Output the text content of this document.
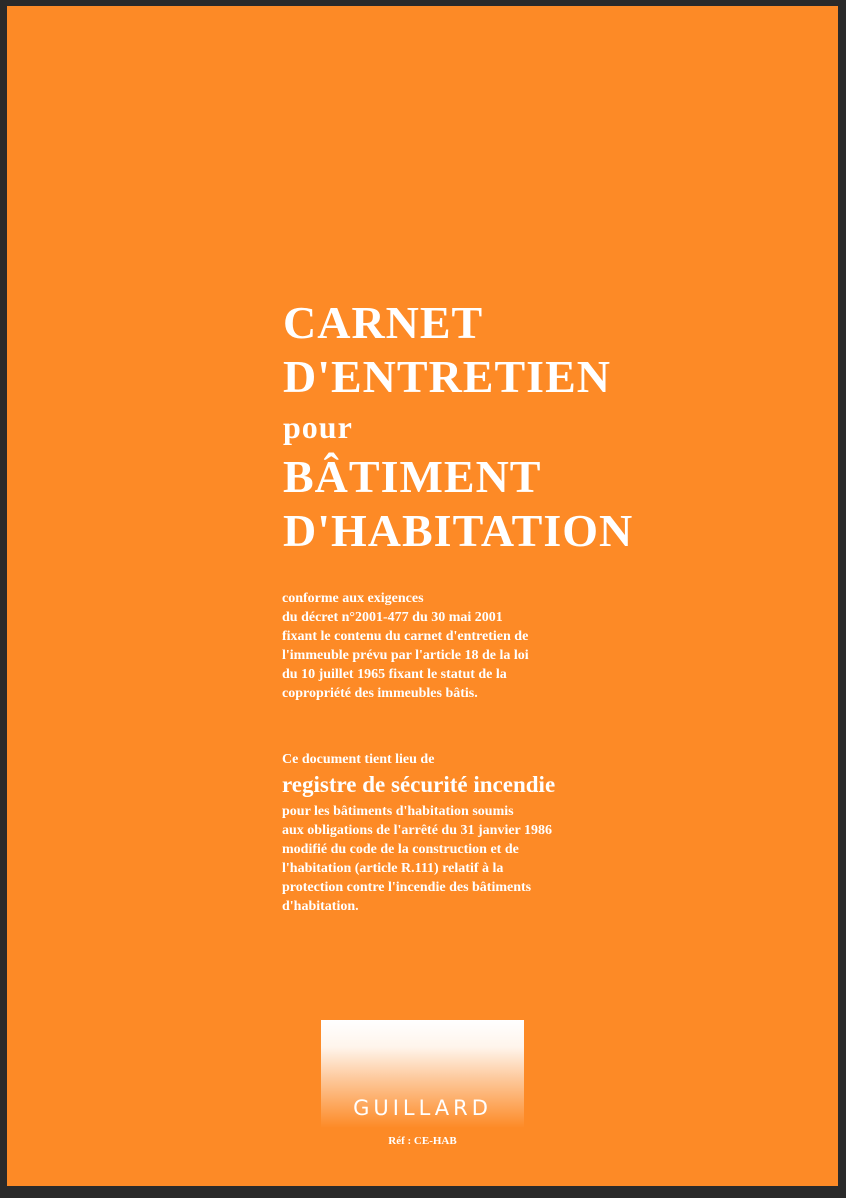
CARNET
D'ENTRETIEN
pour
BÂTIMENT
D'HABITATION

conforme aux exigences
du décret n°2001-477 du 30 mai 2001
fixant le contenu du carnet d'entretien de
l'immeuble prévu par l'article 18 de la loi
du 10 juillet 1965 fixant le statut de la
copropriété des immeubles bâtis.

Ce document tient lieu de

registre de sécurité incendie

pour les bâtiments d'habitation soumis
aux obligations de l'arrêté du 31 janvier 1986
modifié du code de la construction et de
l'habitation (article R.111) relatif à la
protection contre l'incendie des bâtiments
d'habitation.

GUILLARD
Réf : CE-HAB
